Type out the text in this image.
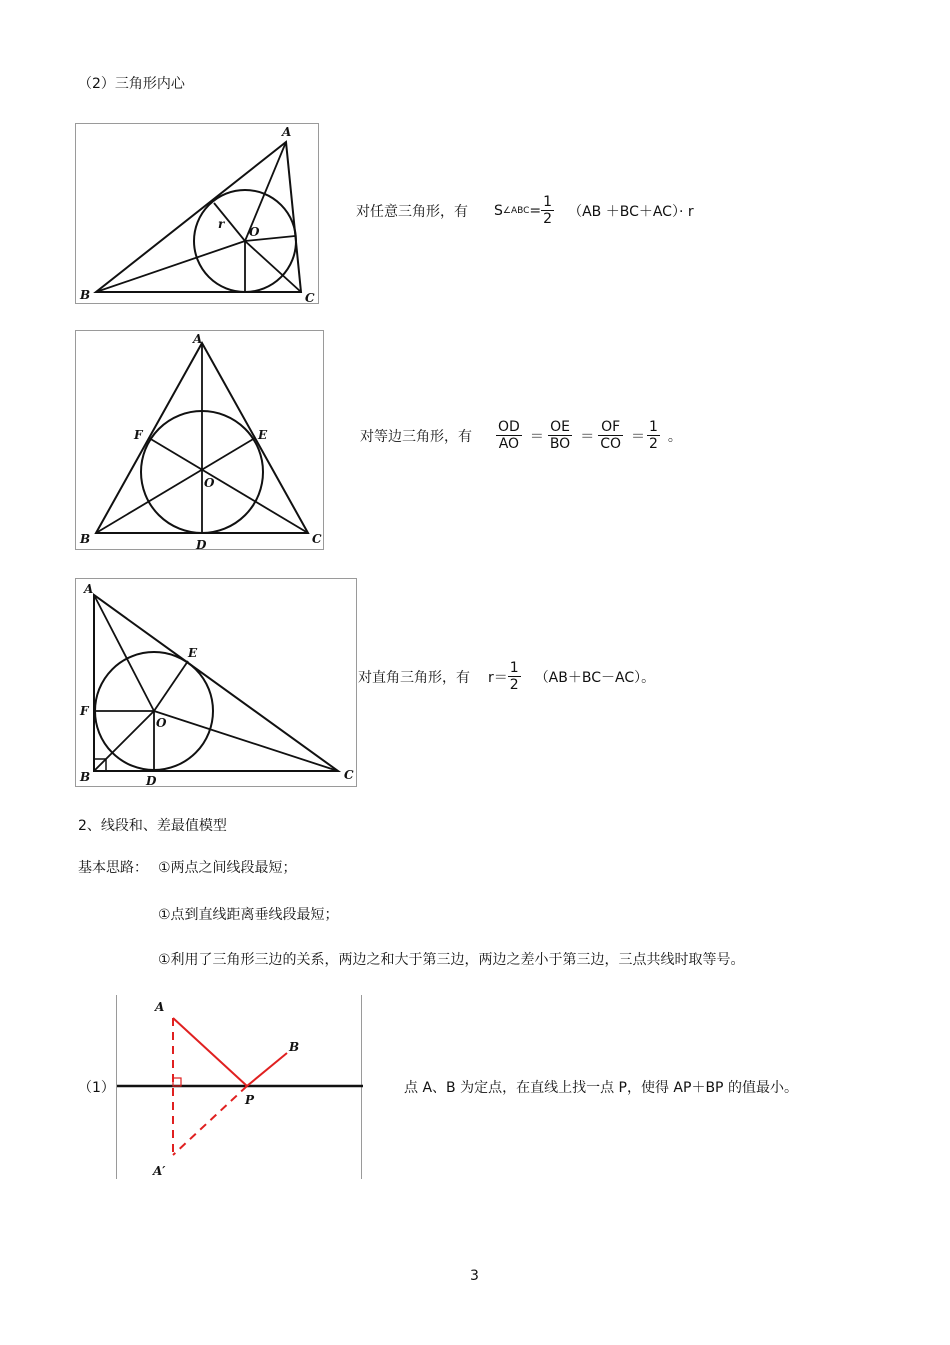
（2）三角形内心
A
B	C
O
r
对任意三角形，有 S ∠ABC = $\frac{1}{2} (AB +BC+AC)\cdot r$
A
B	C
D
E
F
O
对等边三角形，有 $\frac{OD}{AO} = \frac{OE}{BO} = \frac{OF}{CO} = \frac{1}{2}$ 。
A
B	C
D
E
F
O
对直角三角形，有 $r= \frac{1}{2} (AB+BC-AC)$。
2、线段和、差最值模型
基本思路： ①两点之间线段最短；
①点到直线距离垂线段最短；
①利用了三角形三边的关系，两边之和大于第三边，两边之差小于第三边，三点共线时取等号。
（1）
A
B
P
A′
点 A、B 为定点，在直线上找一点 P，使得 AP＋BP 的值最小。
3
